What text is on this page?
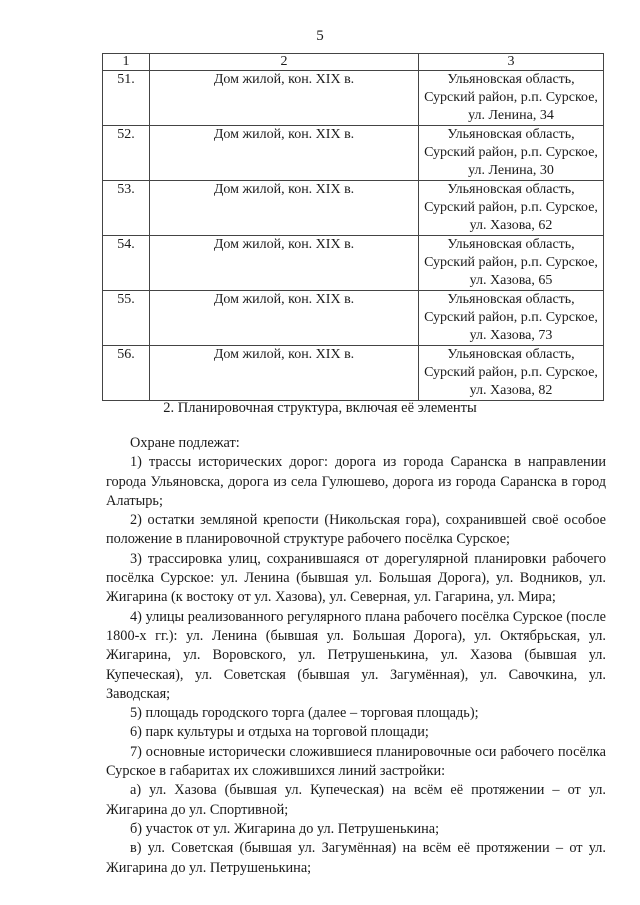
5
1	2	3
51.	Дом жилой, кон. XIX в.	Ульяновская область,
Сурский район, р.п. Сурское,
ул. Ленина, 34

52.	Дом жилой, кон. XIX в.	Ульяновская область,
Сурский район, р.п. Сурское,
ул. Ленина, 30

53.	Дом жилой, кон. XIX в.	Ульяновская область,
Сурский район, р.п. Сурское,
ул. Хазова, 62

54.	Дом жилой, кон. XIX в.	Ульяновская область,
Сурский район, р.п. Сурское,
ул. Хазова, 65

55.	Дом жилой, кон. XIX в.	Ульяновская область,
Сурский район, р.п. Сурское,
ул. Хазова, 73

56.	Дом жилой, кон. XIX в.	Ульяновская область,
Сурский район, р.п. Сурское,
ул. Хазова, 82
2. Планировочная структура, включая её элементы

Охране подлежат:

1) трассы исторических дорог: дорога из города Саранска в направлении города Ульяновска, дорога из села Гулюшево, дорога из города Саранска в город Алатырь;

2) остатки земляной крепости (Никольская гора), сохранившей своё особое положение в планировочной структуре рабочего посёлка Сурское;

3) трассировка улиц, сохранившаяся от дорегулярной планировки рабочего посёлка Сурское: ул. Ленина (бывшая ул. Большая Дорога), ул. Водников, ул. Жигарина (к востоку от ул. Хазова), ул. Северная, ул. Гагарина, ул. Мира;

4) улицы реализованного регулярного плана рабочего посёлка Сурское (после 1800-х гг.): ул. Ленина (бывшая ул. Большая Дорога), ул. Октябрьская, ул. Жигарина, ул. Воровского, ул. Петрушенькина, ул. Хазова (бывшая ул. Купеческая), ул. Советская (бывшая ул. Загумённая), ул. Савочкина, ул. Заводская;

5) площадь городского торга (далее – торговая площадь);

6) парк культуры и отдыха на торговой площади;

7) основные исторически сложившиеся планировочные оси рабочего посёлка Сурское в габаритах их сложившихся линий застройки:

а) ул. Хазова (бывшая ул. Купеческая) на всём её протяжении – от ул. Жигарина до ул. Спортивной;

б) участок от ул. Жигарина до ул. Петрушенькина;

в) ул. Советская (бывшая ул. Загумённая) на всём её протяжении – от ул. Жигарина до ул. Петрушенькина;
